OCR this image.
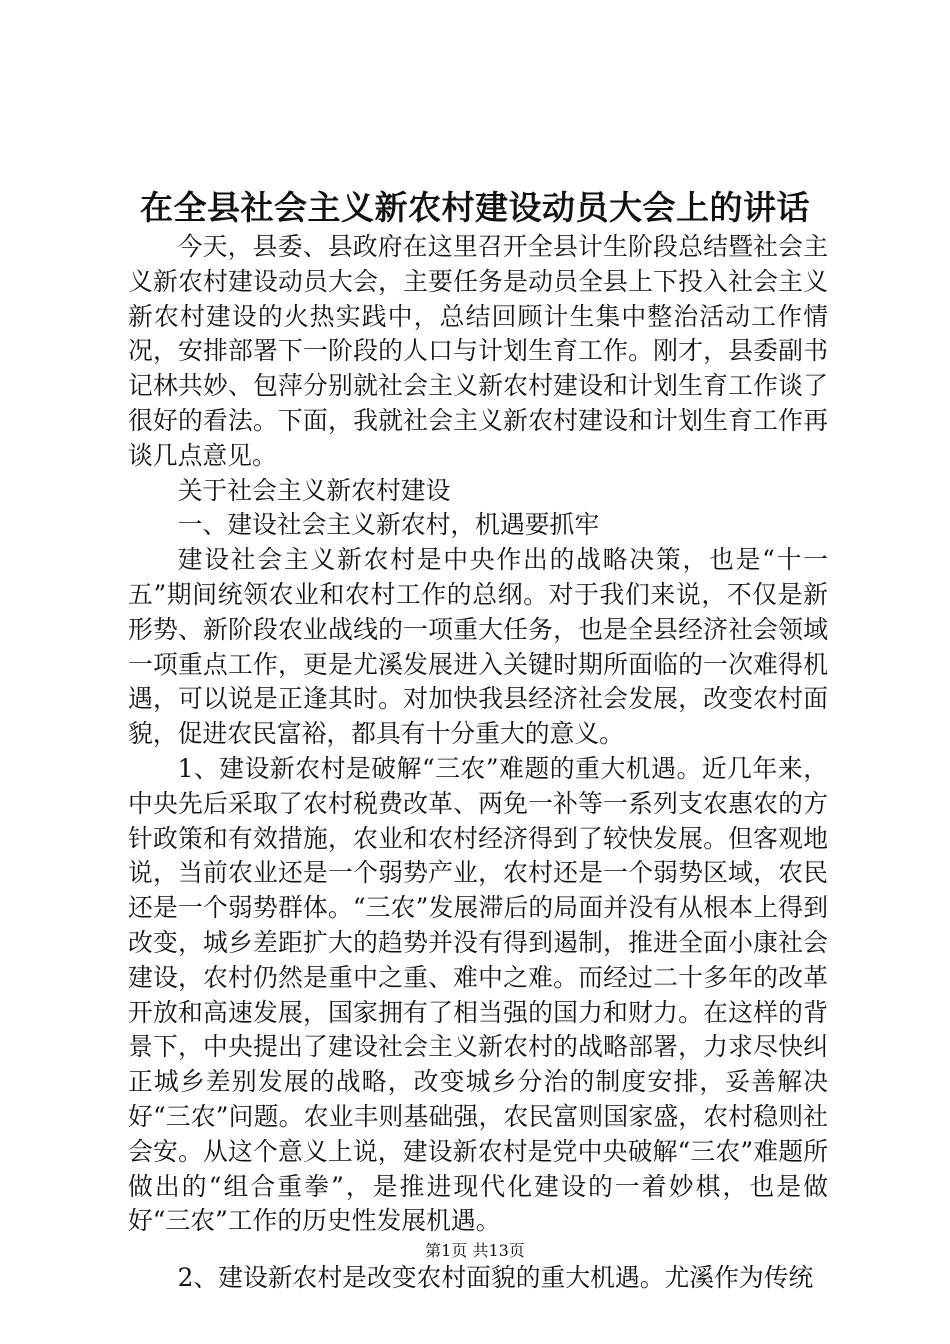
在全县社会主义新农村建设动员大会上的讲话

今天，县委、县政府在这里召开全县计生阶段总结暨社会主义新农村建设动员大会，主要任务是动员全县上下投入社会主义新农村建设的火热实践中，总结回顾计生集中整治活动工作情况，安排部署下一阶段的人口与计划生育工作。刚才，县委副书记林共妙、包萍分别就社会主义新农村建设和计划生育工作谈了很好的看法。下面，我就社会主义新农村建设和计划生育工作再谈几点意见。

关于社会主义新农村建设

一、建设社会主义新农村，机遇要抓牢

建设社会主义新农村是中央作出的战略决策，也是“十一五”期间统领农业和农村工作的总纲。对于我们来说，不仅是新形势、新阶段农业战线的一项重大任务，也是全县经济社会领域一项重点工作，更是尤溪发展进入关键时期所面临的一次难得机遇，可以说是正逢其时。对加快我县经济社会发展，改变农村面貌，促进农民富裕，都具有十分重大的意义。

1、建设新农村是破解“三农”难题的重大机遇。近几年来，中央先后采取了农村税费改革、两免一补等一系列支农惠农的方针政策和有效措施，农业和农村经济得到了较快发展。但客观地说，当前农业还是一个弱势产业，农村还是一个弱势区域，农民还是一个弱势群体。“三农”发展滞后的局面并没有从根本上得到改变，城乡差距扩大的趋势并没有得到遏制，推进全面小康社会建设，农村仍然是重中之重、难中之难。而经过二十多年的改革开放和高速发展，国家拥有了相当强的国力和财力。在这样的背景下，中央提出了建设社会主义新农村的战略部署，力求尽快纠正城乡差别发展的战略，改变城乡分治的制度安排，妥善解决好“三农”问题。农业丰则基础强，农民富则国家盛，农村稳则社会安。从这个意义上说，建设新农村是党中央破解“三农”难题所做出的“组合重拳”，是推进现代化建设的一着妙棋，也是做好“三农”工作的历史性发展机遇。

2、建设新农村是改变农村面貌的重大机遇。尤溪作为传统

第1页 共13页
